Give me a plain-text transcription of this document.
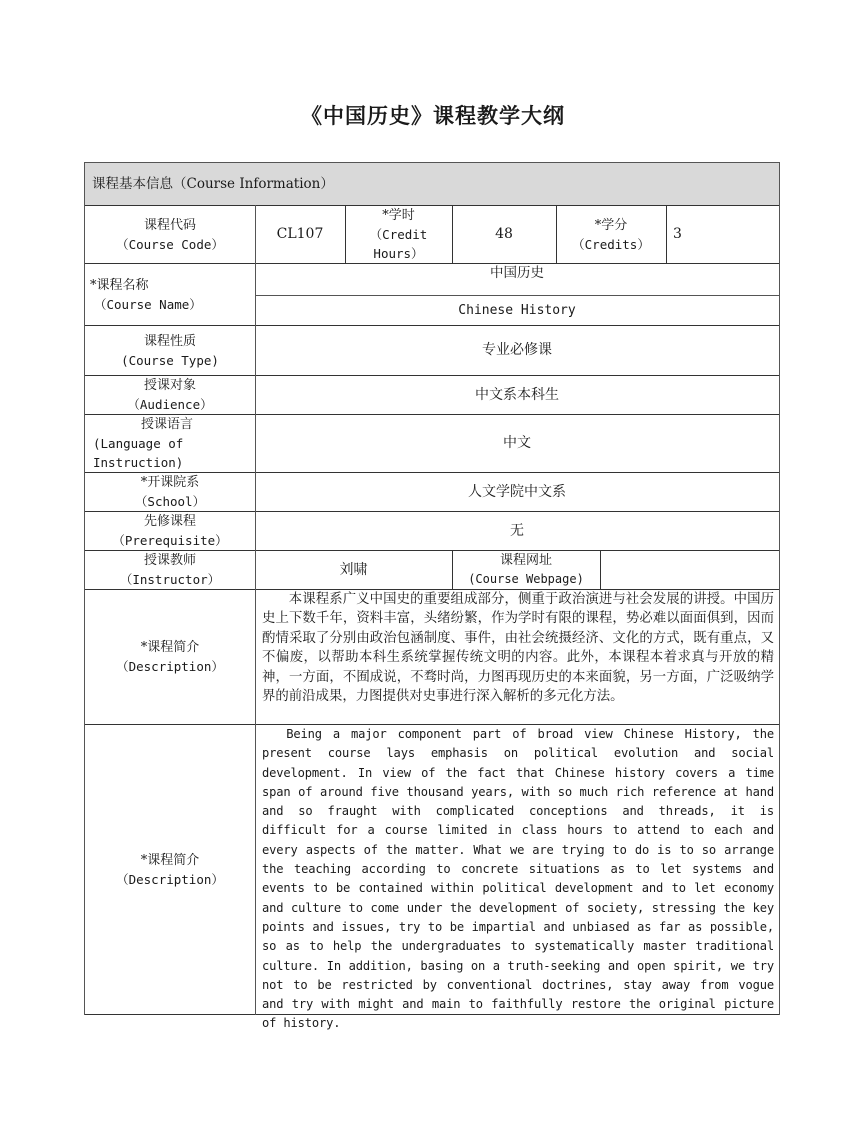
《中国历史》课程教学大纲
课程基本信息（Course Information）
课程代码
（Course Code）
CL107
*学时
（Credit
Hours）
48
*学分
（Credits）
3
*课程名称
（Course Name）
中国历史
Chinese History
课程性质
(Course Type)
专业必修课
授课对象
（Audience）
中文系本科生
授课语言
(Language of
Instruction)
中文
*开课院系
（School）
人文学院中文系
先修课程
（Prerequisite）
无
授课教师
（Instructor）
刘啸
课程网址
(Course Webpage)
*课程简介
（Description）
本课程系广义中国史的重要组成部分，侧重于政治演进与社会发展的讲授。中国历史上下数千年，资料丰富，头绪纷繁，作为学时有限的课程，势必难以面面俱到，因而酌情采取了分别由政治包涵制度、事件，由社会统摄经济、文化的方式，既有重点，又不偏废，以帮助本科生系统掌握传统文明的内容。此外，本课程本着求真与开放的精神，一方面，不囿成说，不骛时尚，力图再现历史的本来面貌，另一方面，广泛吸纳学界的前沿成果，力图提供对史事进行深入解析的多元化方法。
*课程简介
（Description）
Being a major component part of broad view Chinese History, the present course lays emphasis on political evolution and social development. In view of the fact that Chinese history covers a time span of around five thousand years, with so much rich reference at hand and so fraught with complicated conceptions and threads, it is difficult for a course limited in class hours to attend to each and every aspects of the matter. What we are trying to do is to so arrange the teaching according to concrete situations as to let systems and events to be contained within political development and to let economy and culture to come under the development of society, stressing the key points and issues, try to be impartial and unbiased as far as possible, so as to help the undergraduates to systematically master traditional culture. In addition, basing on a truth-seeking and open spirit, we try not to be restricted by conventional doctrines, stay away from vogue and try with might and main to faithfully restore the original picture of history.
